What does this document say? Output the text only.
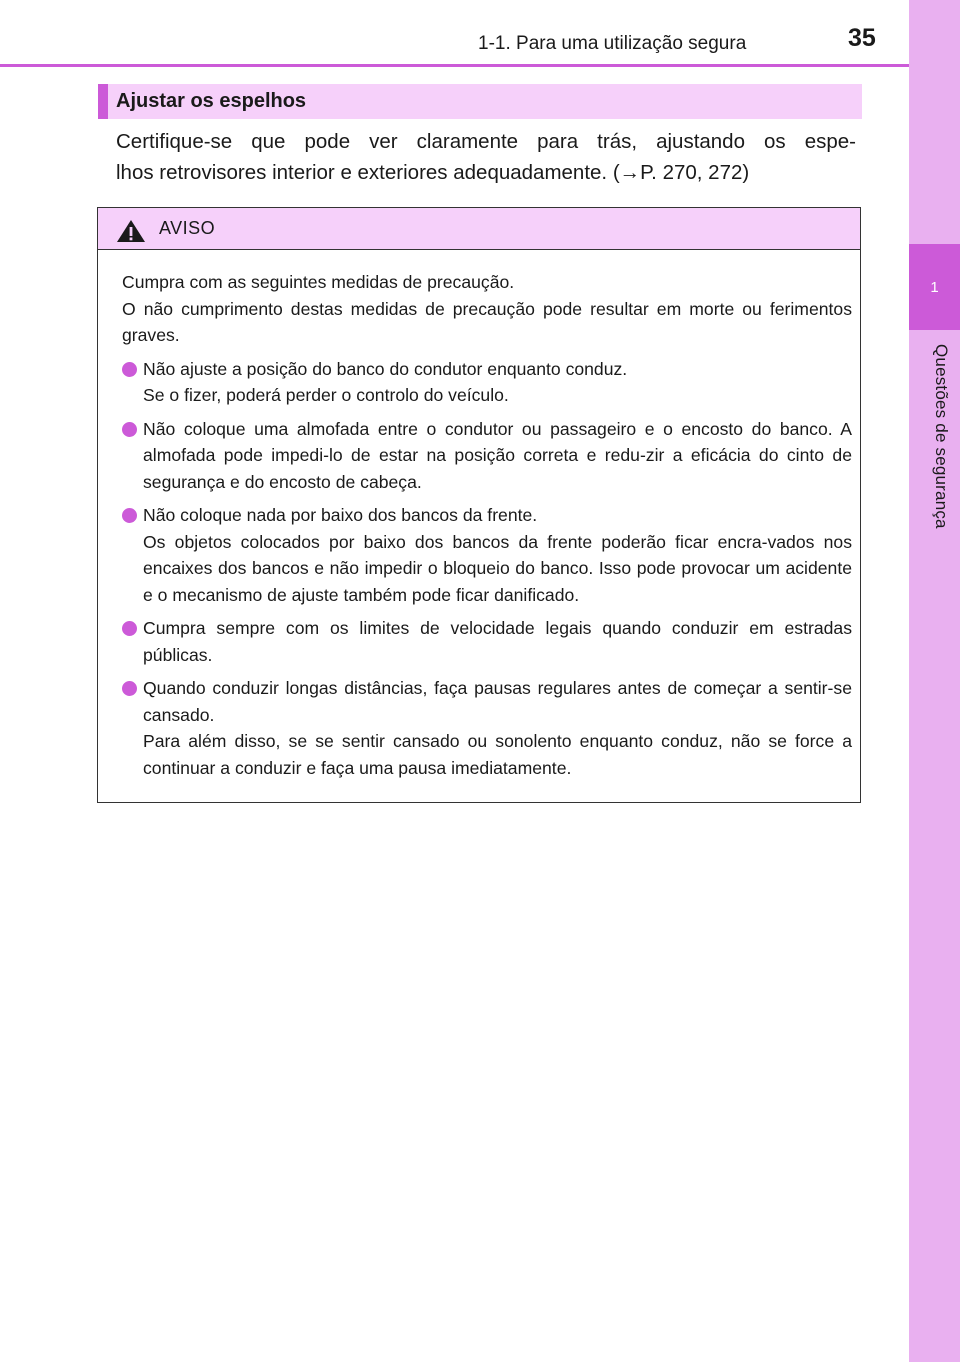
1
Questões de segurança
1-1. Para uma utilização segura	35
Ajustar os espelhos
Certifique-se que pode ver claramente para trás, ajustando os espe-
lhos retrovisores interior e exteriores adequadamente. (→P. 270, 272)
AVISO

Cumpra com as seguintes medidas de precaução.

O não cumprimento destas medidas de precaução pode resultar em morte ou ferimentos graves.

Não ajuste a posição do banco do condutor enquanto conduz.
Se o fizer, poderá perder o controlo do veículo.
Não coloque uma almofada entre o condutor ou passageiro e o encosto do banco. A almofada pode impedi-lo de estar na posição correta e redu-zir a eficácia do cinto de segurança e do encosto de cabeça.
Não coloque nada por baixo dos bancos da frente.
Os objetos colocados por baixo dos bancos da frente poderão ficar encra-vados nos encaixes dos bancos e não impedir o bloqueio do banco. Isso pode provocar um acidente e o mecanismo de ajuste também pode ficar danificado.
Cumpra sempre com os limites de velocidade legais quando conduzir em estradas públicas.
Quando conduzir longas distâncias, faça pausas regulares antes de começar a sentir-se cansado.
Para além disso, se se sentir cansado ou sonolento enquanto conduz, não se force a continuar a conduzir e faça uma pausa imediatamente.
